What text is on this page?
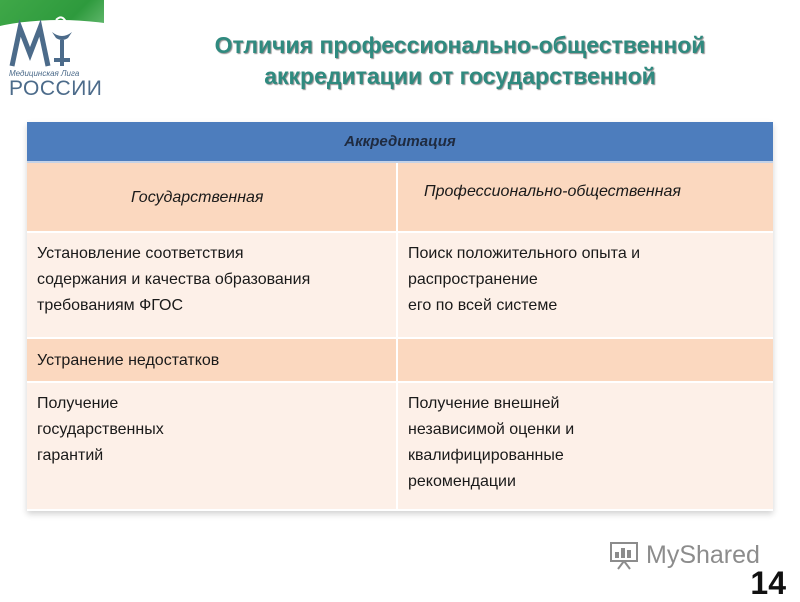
Медицинская Лига
РОССИИ
Отличия профессионально-общественной
аккредитации от государственной
Аккредитация
Государственная	Профессионально-общественная
Установление соответствия
содержания и качества образования
требованиям ФГОС
Поиск положительного опыта и
распространение
его по всей системе
Устранение недостатков
Получение
государственных
гарантий
Получение внешней
независимой оценки и
квалифицированные
рекомендации
MyShared
14
